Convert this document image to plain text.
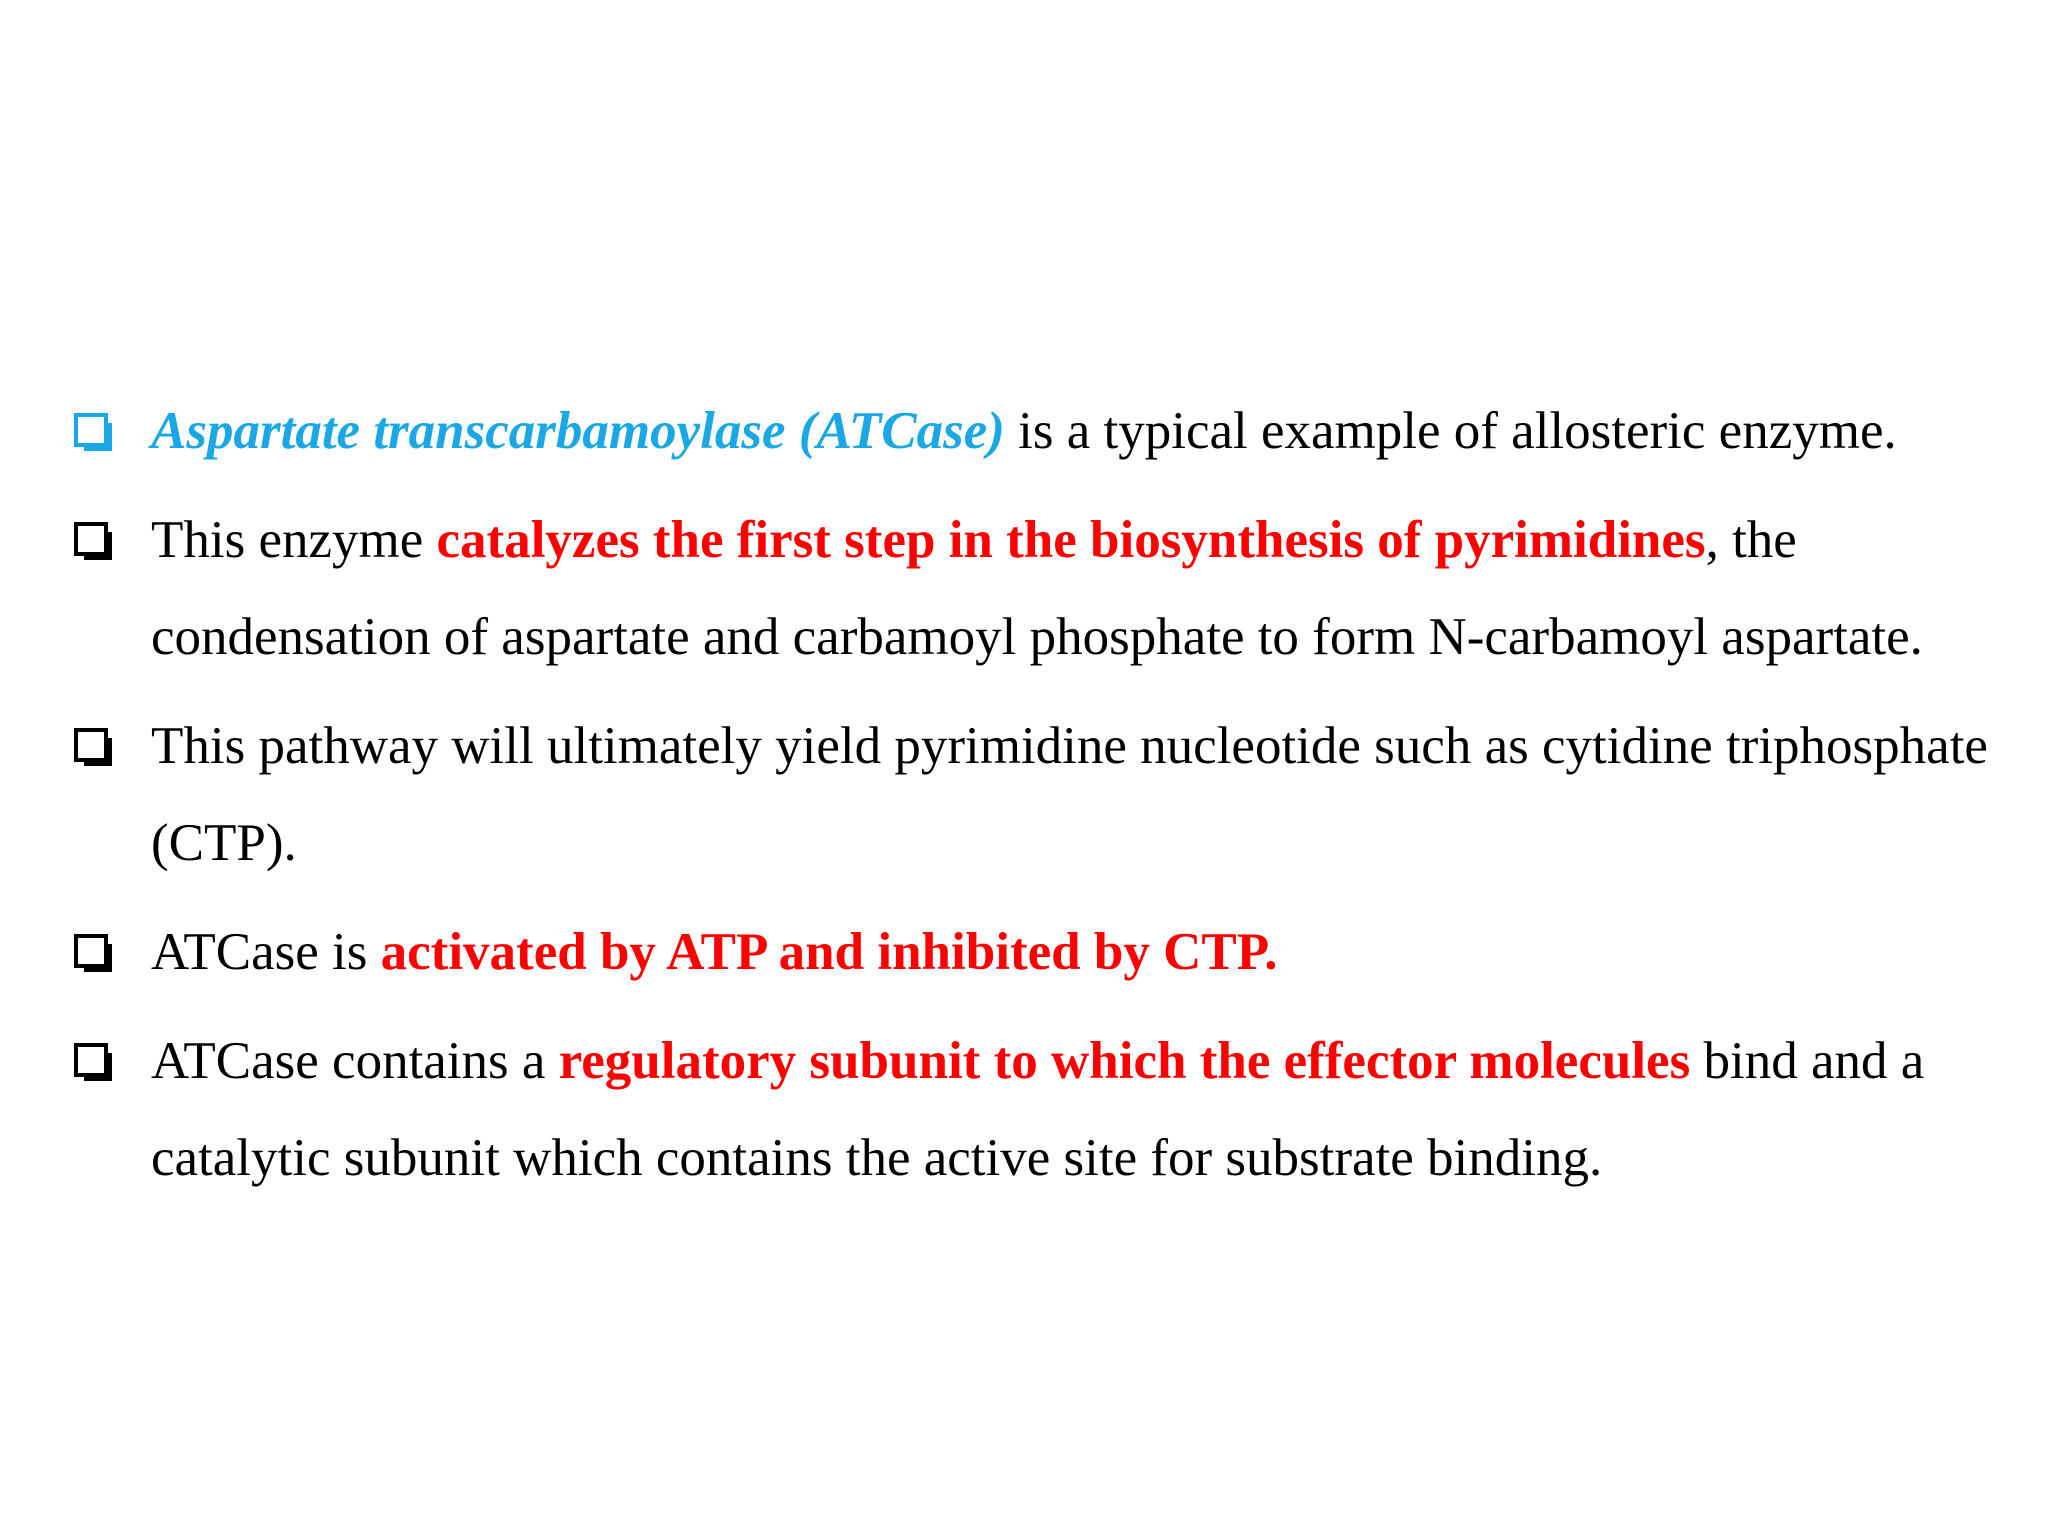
Aspartate transcarbamoylase (ATCase) is a typical example of allosteric enzyme.
This enzyme catalyzes the first step in the biosynthesis of pyrimidines, the condensation of aspartate and carbamoyl phosphate to form N-carbamoyl aspartate.
This pathway will ultimately yield pyrimidine nucleotide such as cytidine triphosphate (CTP).
ATCase is activated by ATP and inhibited by CTP.
ATCase contains a regulatory subunit to which the effector molecules bind and a catalytic subunit which contains the active site for substrate binding.
